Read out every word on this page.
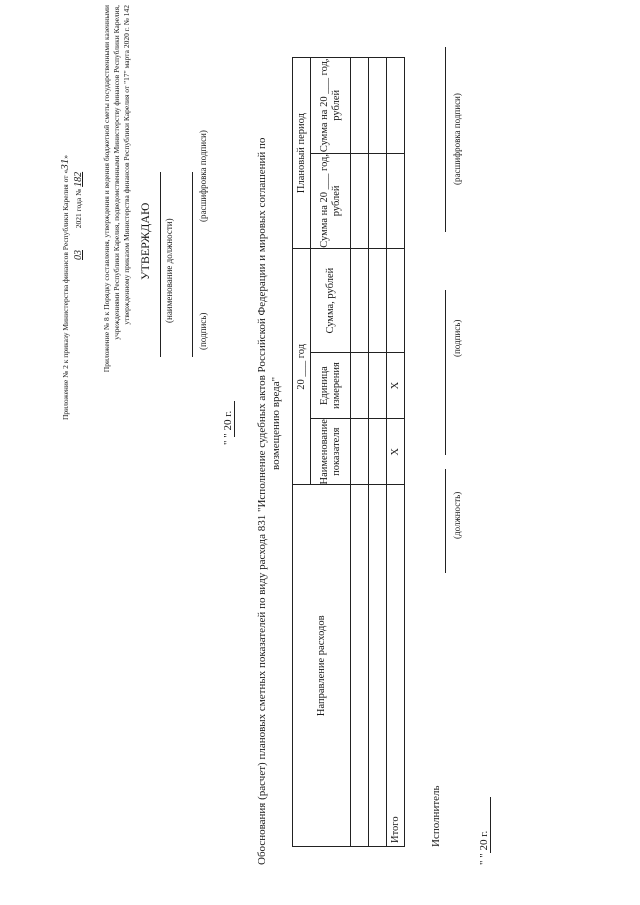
Приложение № 2 к приказу Министерства финансов Республики Карелия от «31»
03  2021 года № 182 Приложение № 8 к Порядку составления, утверждения и ведения бюджетной сметы государственными казенными учреждениями Республики Карелия, подведомственными Министерству финансов Республики Карелия, утвержденному приказом Министерства финансов Республики Карелия от "17" марта 2020 г. № 142 УТВЕРЖДАЮ (наименование должности)
(подпись)
(расшифровка подписи)
" " 20 г. Обоснования (расчет) плановых сметных показателей по виду расхода 831 "Исполнение судебных актов Российской Федерации и мировых соглашений по возмещению вреда"
Направление расходов	20 ___ год			Плановый период	
	Наименование показателя	Единица измерения	Сумма, рублей	Сумма на 20 ___ год, рублей	Сумма на 20 ___ год, рублей

Итого	X	X			
Исполнитель
(должность)
(подпись)
(расшифровка подписи)
" " 20 г.
